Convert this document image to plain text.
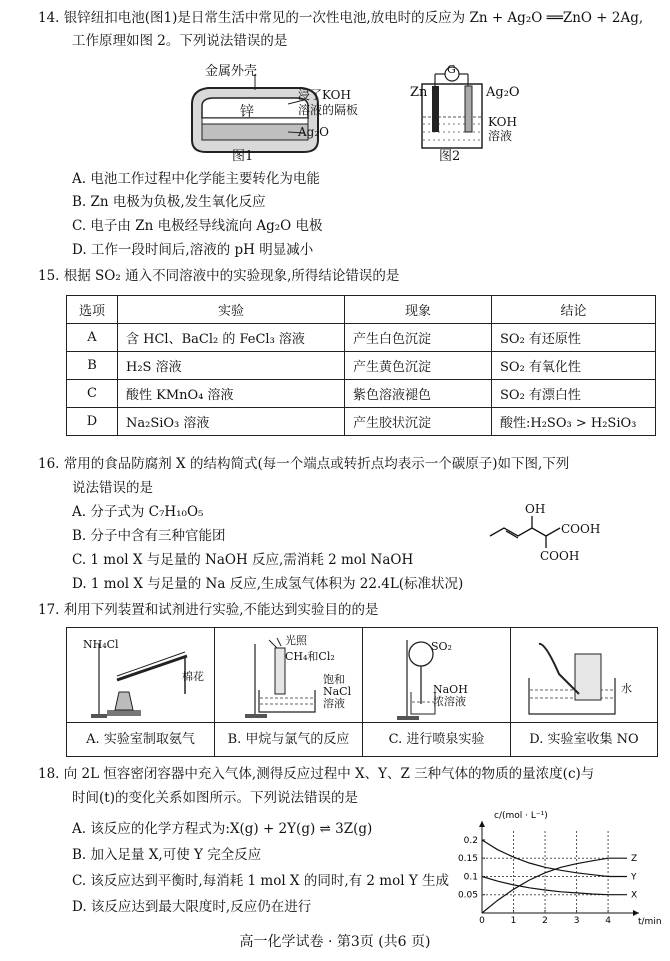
14. 银锌纽扣电池(图1)是日常生活中常见的一次性电池,放电时的反应为 Zn + Ag₂O ══ZnO + 2Ag,
工作原理如图 2。下列说法错误的是
金属外壳
锌
浸了KOH
溶液的隔板
Ag₂O
图1
G
Zn	Ag₂O
KOH
溶液
图2
A. 电池工作过程中化学能主要转化为电能
B. Zn 电极为负极,发生氧化反应
C. 电子由 Zn 电极经导线流向 Ag₂O 电极
D. 工作一段时间后,溶液的 pH 明显减小
15. 根据 SO₂ 通入不同溶液中的实验现象,所得结论错误的是
选项	实验	现象	结论
A	含 HCl、BaCl₂ 的 FeCl₃ 溶液	产生白色沉淀	SO₂ 有还原性
B	H₂S 溶液	产生黄色沉淀	SO₂ 有氧化性
C	酸性 KMnO₄ 溶液	紫色溶液褪色	SO₂ 有漂白性
D	Na₂SiO₃ 溶液	产生胶状沉淀	酸性:H₂SO₃ > H₂SiO₃
16. 常用的食品防腐剂 X 的结构简式(每一个端点或转折点均表示一个碳原子)如下图,下列
说法错误的是
A. 分子式为 C₇H₁₀O₅
B. 分子中含有三种官能团
C. 1 mol X 与足量的 NaOH 反应,需消耗 2 mol NaOH
D. 1 mol X 与足量的 Na 反应,生成氢气体积为 22.4L(标准状况)
OH
COOH
COOH
17. 利用下列装置和试剂进行实验,不能达到实验目的的是
NH₄Cl
棉花
A. 实验室制取氨气
光照
CH₄和Cl₂
饱和
NaCl
溶液
B. 甲烷与氯气的反应
SO₂
NaOH
浓溶液
C. 进行喷泉实验
水
D. 实验室收集 NO
18. 向 2L 恒容密闭容器中充入气体,测得反应过程中 X、Y、Z 三种气体的物质的量浓度(c)与
时间(t)的变化关系如图所示。下列说法错误的是
A. 该反应的化学方程式为:X(g) + 2Y(g) ⇌ 3Z(g)
B. 加入足量 X,可使 Y 完全反应
C. 该反应达到平衡时,每消耗 1 mol X 的同时,有 2 mol Y 生成
D. 该反应达到最大限度时,反应仍在进行
0	1	2	3	4
0.05
0.1
0.15
0.2
Z
Y
X
c/(mol · L⁻¹)
t/min
高一化学试卷 · 第3页 (共6 页)
